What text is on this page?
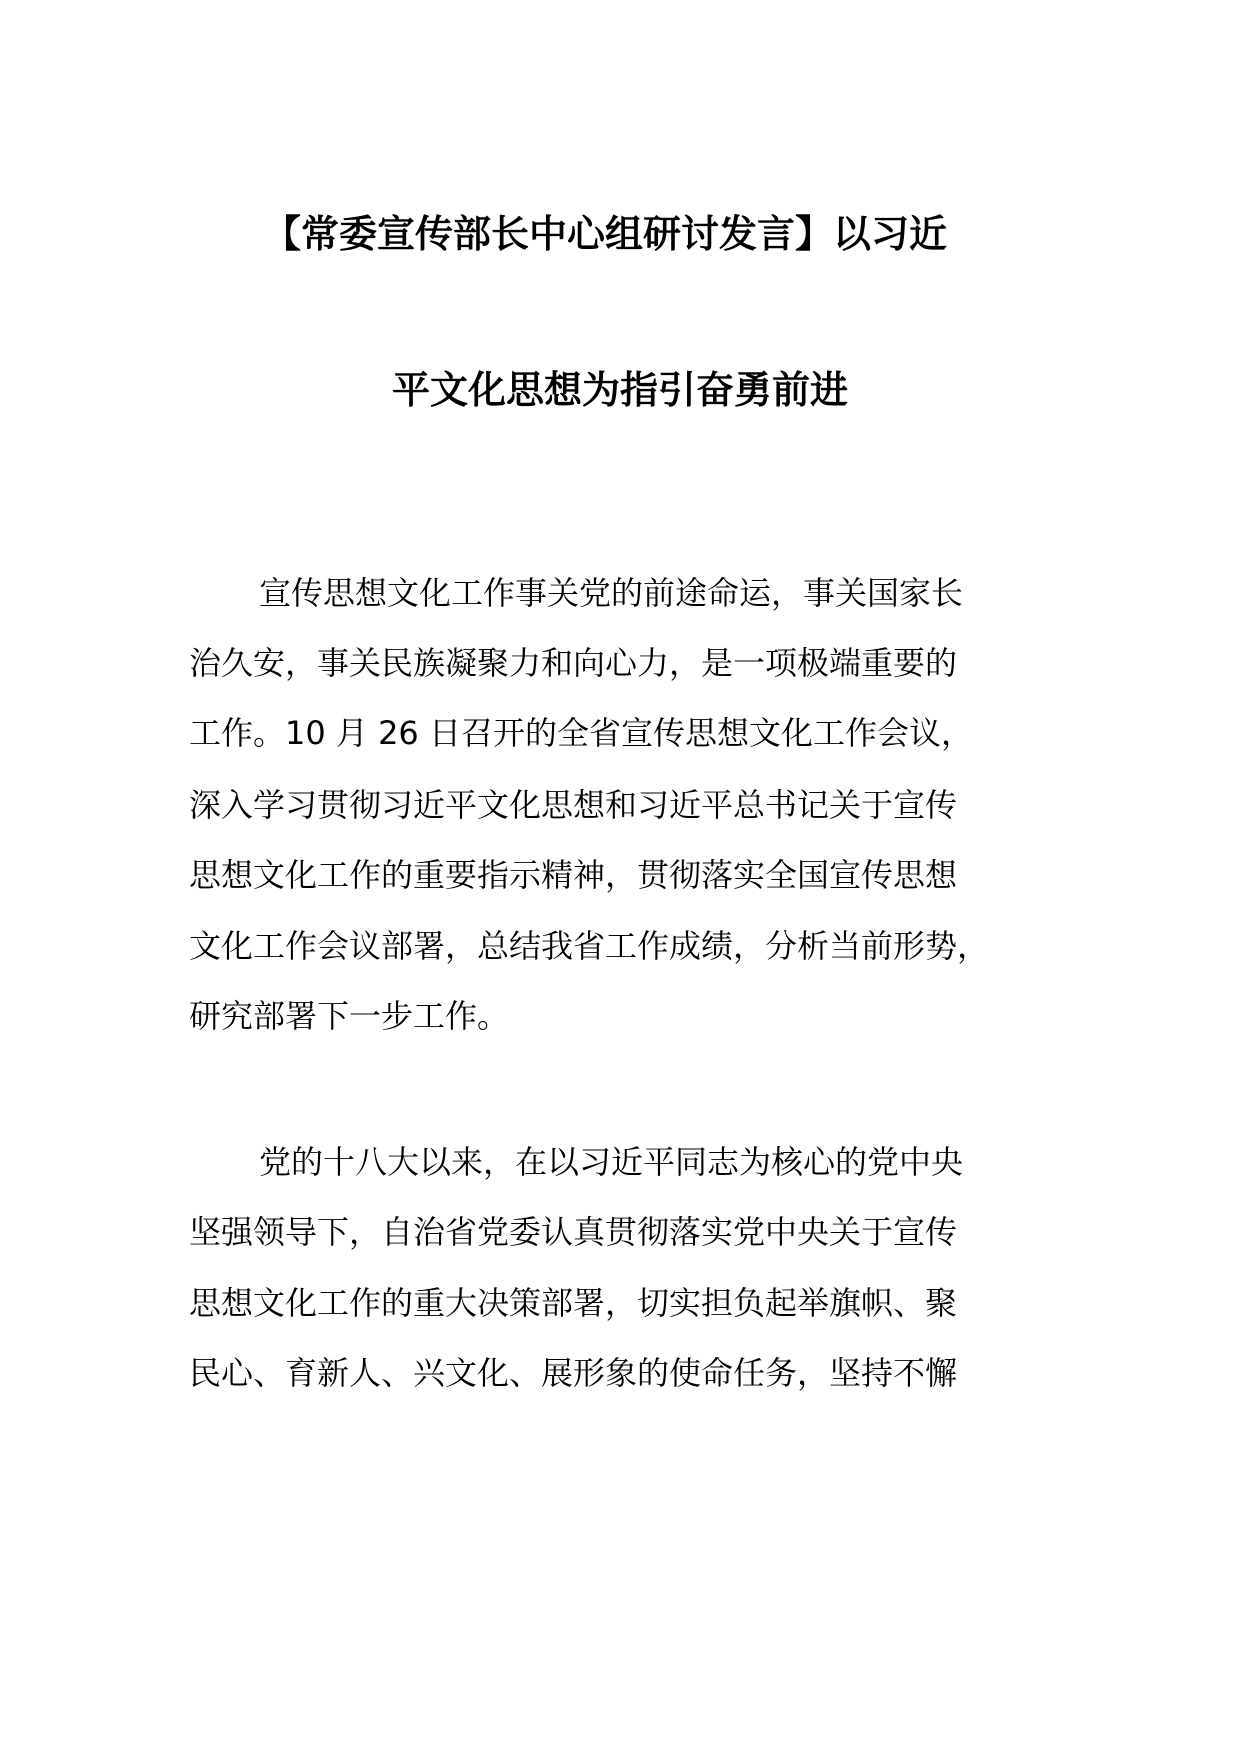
【常委宣传部长中心组研讨发言】以习近
平文化思想为指引奋勇前进
宣传思想文化工作事关党的前途命运，事关国家长
治久安，事关民族凝聚力和向心力，是一项极端重要的
工作。10 月 26 日召开的全省宣传思想文化工作会议，
深入学习贯彻习近平文化思想和习近平总书记关于宣传
思想文化工作的重要指示精神，贯彻落实全国宣传思想
文化工作会议部署，总结我省工作成绩，分析当前形势，
研究部署下一步工作。
党的十八大以来，在以习近平同志为核心的党中央
坚强领导下，自治省党委认真贯彻落实党中央关于宣传
思想文化工作的重大决策部署，切实担负起举旗帜、聚
民心、育新人、兴文化、展形象的使命任务，坚持不懈
